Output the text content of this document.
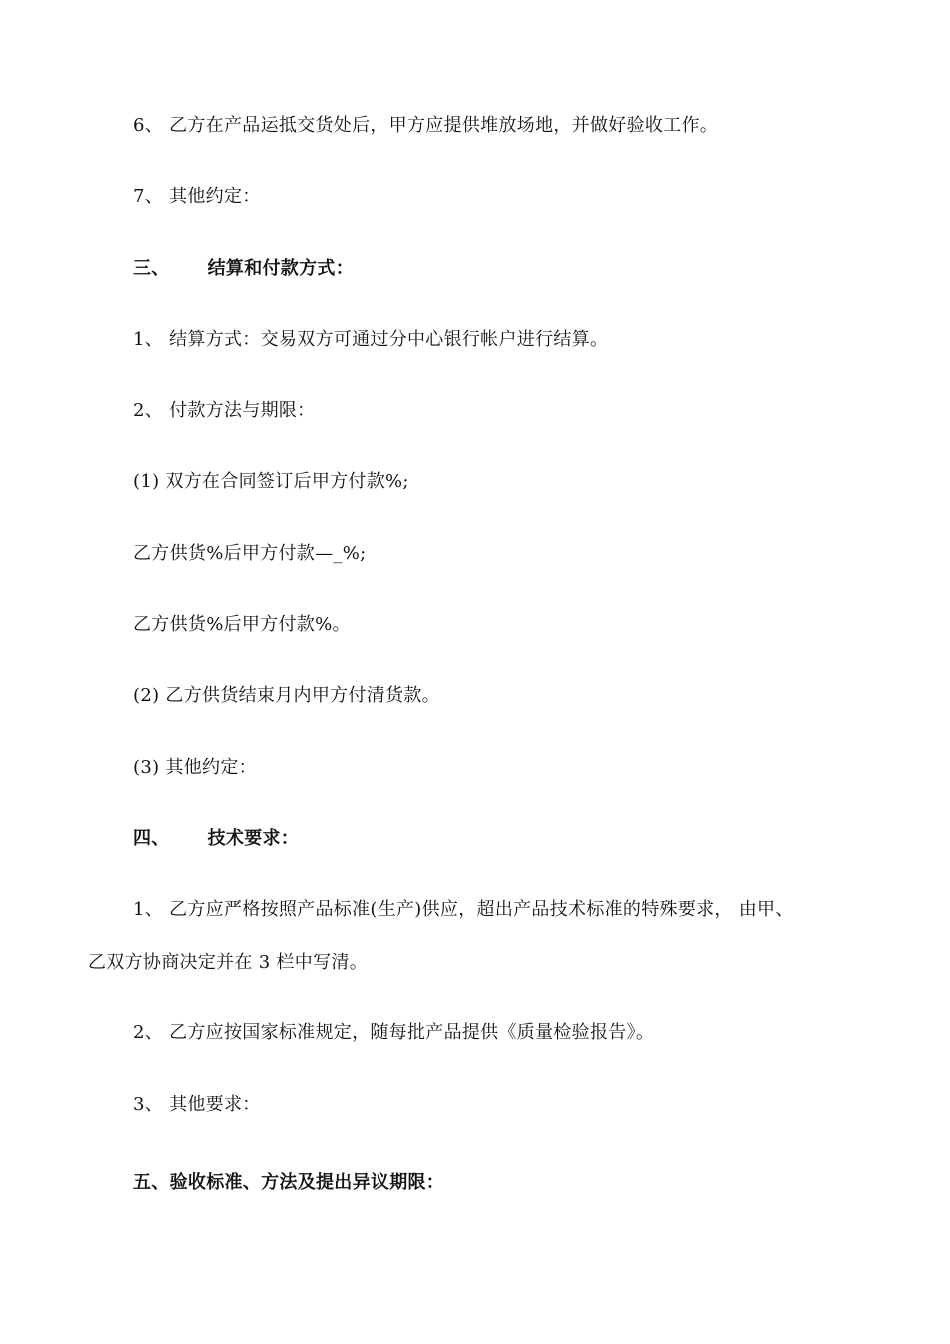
6、 乙方在产品运抵交货处后，甲方应提供堆放场地，并做好验收工作。
7、 其他约定：
三、 结算和付款方式：
1、 结算方式：交易双方可通过分中心银行帐户进行结算。
2、 付款方法与期限：
(1) 双方在合同签订后甲方付款%;
乙方供货%后甲方付款—_%;
乙方供货%后甲方付款%。
(2) 乙方供货结束月内甲方付清货款。
(3) 其他约定：
四、 技术要求：
1、 乙方应严格按照产品标准(生产)供应，超出产品技术标准的特殊要求， 由甲、
乙双方协商决定并在 3 栏中写清。
2、 乙方应按国家标准规定，随每批产品提供《质量检验报告》。
3、 其他要求：
五、验收标准、方法及提出异议期限：
